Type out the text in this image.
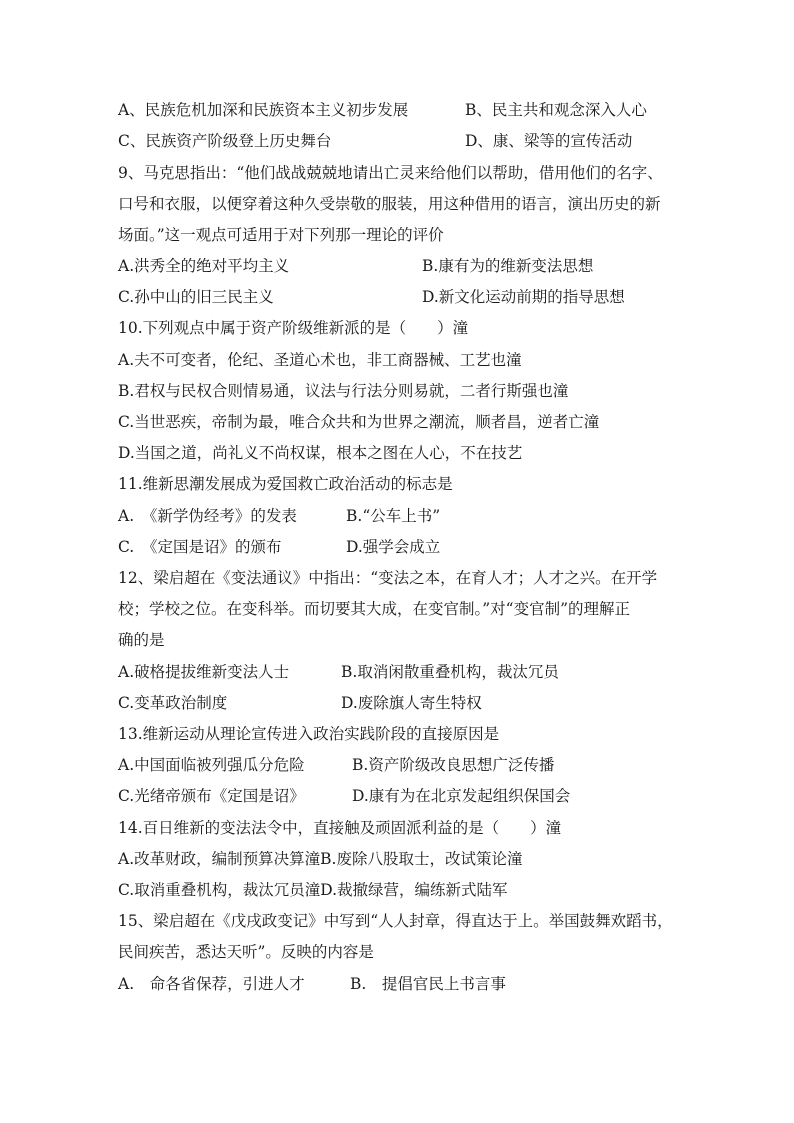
A、民族危机加深和民族资本主义初步发展	B、民主共和观念深入人心
C、民族资产阶级登上历史舞台	D、康、梁等的宣传活动
9、马克思指出：“他们战战兢兢地请出亡灵来给他们以帮助，借用他们的名字、
口号和衣服，以便穿着这种久受崇敬的服装，用这种借用的语言，演出历史的新
场面。”这一观点可适用于对下列那一理论的评价
A.洪秀全的绝对平均主义	B.康有为的维新变法思想
C.孙中山的旧三民主义	D.新文化运动前期的指导思想
10.下列观点中属于资产阶级维新派的是（　　）潼
A.夫不可变者，伦纪、圣道心术也，非工商器械、工艺也潼
B.君权与民权合则情易通，议法与行法分则易就，二者行斯强也潼
C.当世恶疾，帝制为最，唯合众共和为世界之潮流，顺者昌，逆者亡潼
D.当国之道，尚礼义不尚权谋，根本之图在人心，不在技艺
11.维新思潮发展成为爱国救亡政治活动的标志是
A.　《新学伪经考》的发表	B.“公车上书”
C.　《定国是诏》的颁布	D.强学会成立
12、梁启超在《变法通议》中指出：“变法之本，在育人才；人才之兴。在开学
校；学校之位。在变科举。而切要其大成，在变官制。”对“变官制”的理解正
确的是
A.破格提拔维新变法人士	B.取消闲散重叠机构，裁汰冗员
C.变革政治制度	D.废除旗人寄生特权
13.维新运动从理论宣传进入政治实践阶段的直接原因是
A.中国面临被列强瓜分危险	B.资产阶级改良思想广泛传播
C.光绪帝颁布《定国是诏》	D.康有为在北京发起组织保国会
14.百日维新的变法法令中，直接触及顽固派利益的是（　　）潼
A.改革财政，编制预算决算潼B.废除八股取士，改试策论潼
C.取消重叠机构，裁汰冗员潼D.裁撤绿营，编练新式陆军
15、梁启超在《戊戌政变记》中写到“人人封章，得直达于上。举国鼓舞欢蹈书，
民间疾苦，悉达天听”。反映的内容是
A.　命各省保荐，引进人才	B.　提倡官民上书言事
